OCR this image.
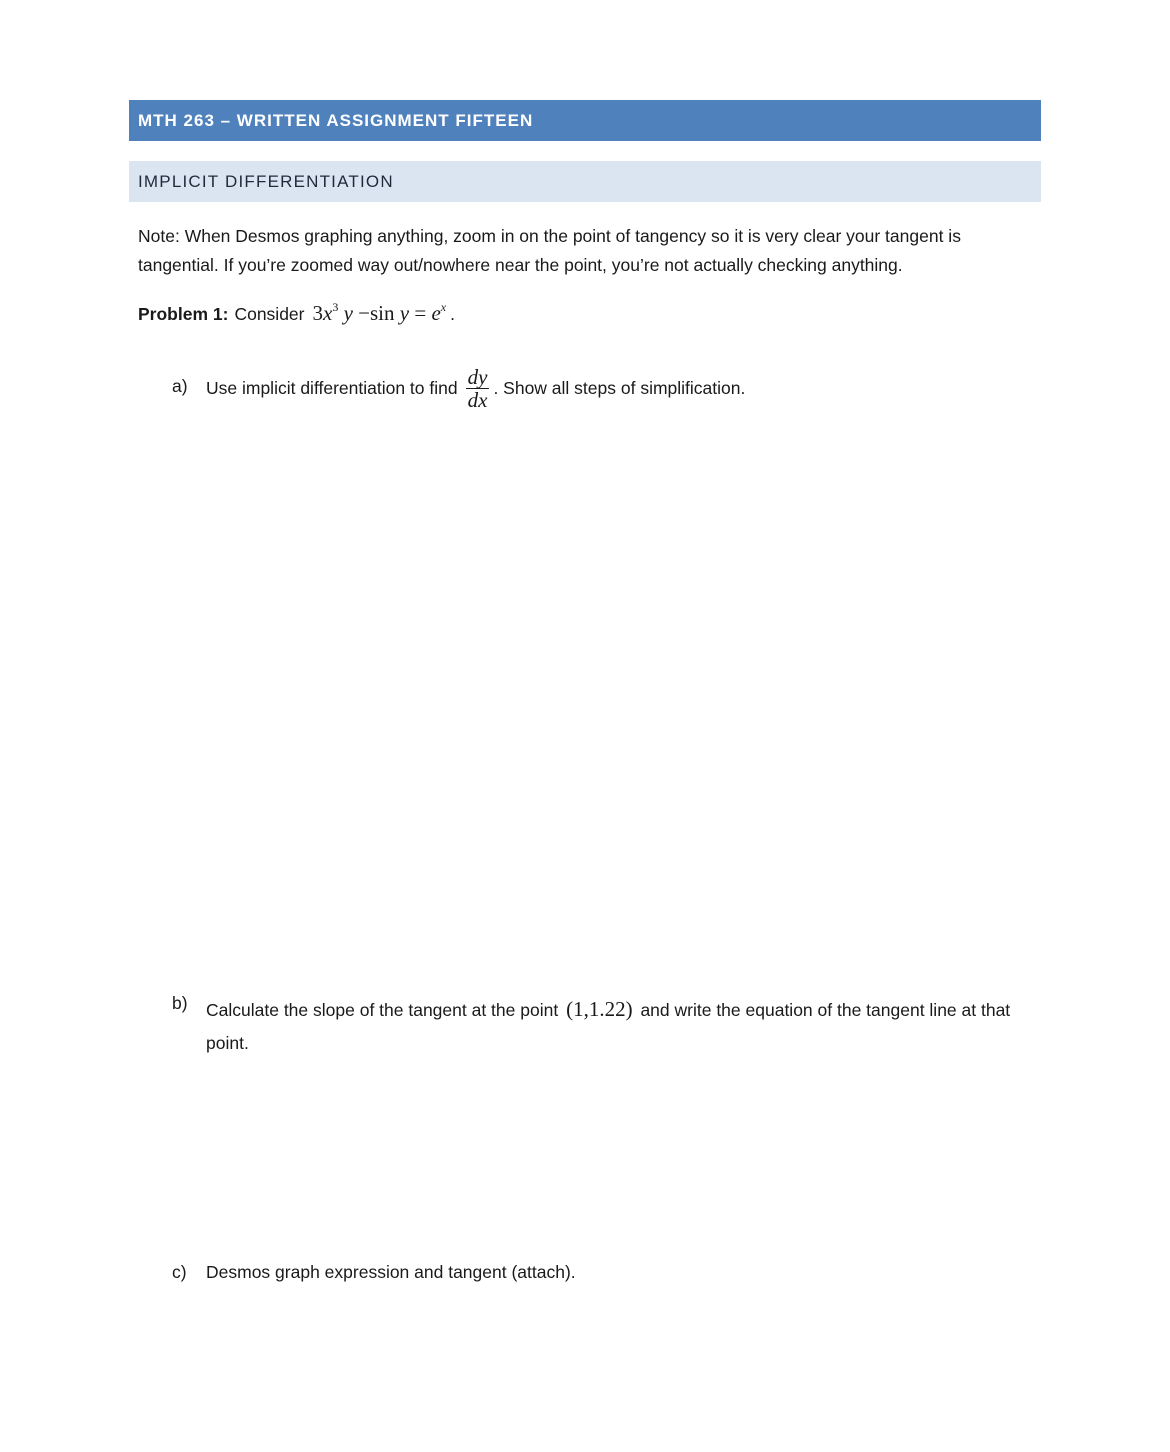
MTH 263 – WRITTEN ASSIGNMENT FIFTEEN
IMPLICIT DIFFERENTIATION
Note: When Desmos graphing anything, zoom in on the point of tangency so it is very clear your tangent is tangential. If you’re zoomed way out/nowhere near the point, you’re not actually checking anything.
Problem 1: Consider $3x^3$ y −sin $y = e^x$ .
a) Use implicit differentiation to find $\frac{dy}{dx}$ . Show all steps of simplification.
b) Calculate the slope of the tangent at the point (1,1.22) and write the equation of the tangent line at that point.
c) Desmos graph expression and tangent (attach).
